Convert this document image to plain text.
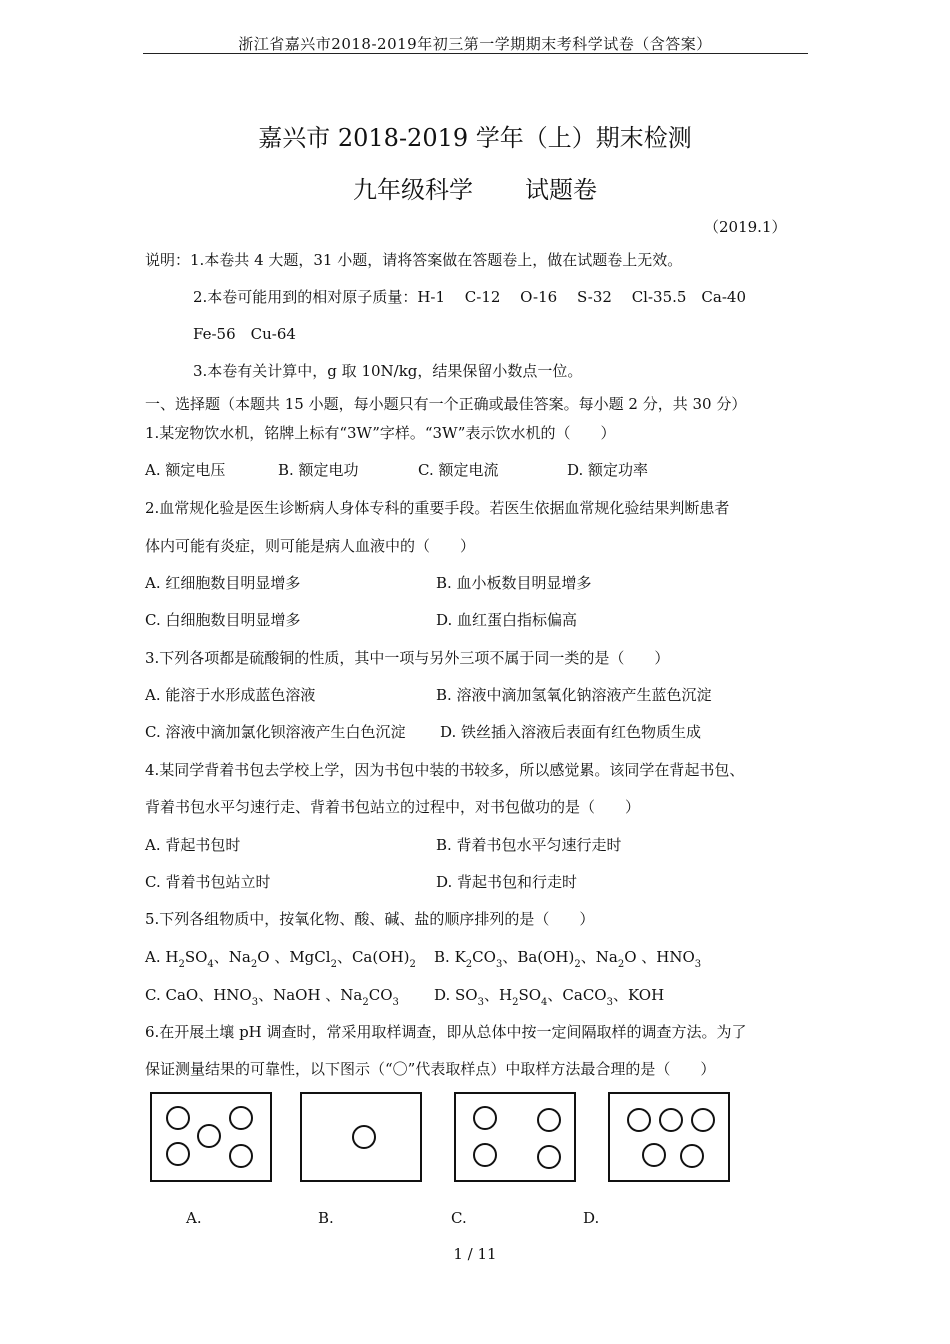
浙江省嘉兴市2018-2019年初三第一学期期末考科学试卷（含答案）
嘉兴市 2018-2019 学年（上）期末检测
九年级科学 试题卷
（2019.1）
说明：1.本卷共 4 大题，31 小题，请将答案做在答题卷上，做在试题卷上无效。
2.本卷可能用到的相对原子质量：H-1　 C-12　 O-16　 S-32　 Cl-35.5　Ca-40
Fe-56　Cu-64
3.本卷有关计算中，g 取 10N/kg，结果保留小数点一位。
一、选择题（本题共 15 小题，每小题只有一个正确或最佳答案。每小题 2 分，共 30 分）
1.某宠物饮水机，铭牌上标有“3W”字样。“3W”表示饮水机的（　　）
A. 额定电压	B. 额定电功	C. 额定电流	D. 额定功率
2.血常规化验是医生诊断病人身体专科的重要手段。若医生依据血常规化验结果判断患者
体内可能有炎症，则可能是病人血液中的（　　）
A. 红细胞数目明显增多	B. 血小板数目明显增多
C. 白细胞数目明显增多	D. 血红蛋白指标偏高
3.下列各项都是硫酸铜的性质，其中一项与另外三项不属于同一类的是（　　）
A. 能溶于水形成蓝色溶液	B. 溶液中滴加氢氧化钠溶液产生蓝色沉淀
C. 溶液中滴加氯化钡溶液产生白色沉淀 D. 铁丝插入溶液后表面有红色物质生成
4.某同学背着书包去学校上学，因为书包中装的书较多，所以感觉累。该同学在背起书包、
背着书包水平匀速行走、背着书包站立的过程中，对书包做功的是（　　）
A. 背起书包时	B. 背着书包水平匀速行走时
C. 背着书包站立时	D. 背起书包和行走时
5.下列各组物质中，按氧化物、酸、碱、盐的顺序排列的是（　　）
A. $H_2SO_4$、$Na_2O$ 、MgCl$_2$、$Ca(OH)_2$ B. $K_2CO_3$、$Ba(OH)_2$、$Na_2O$ 、$HNO_3$
C. CaO、$HNO_3$、NaOH 、$Na_2CO_3$ D. $SO_3$、$H_2SO_4$、CaCO$_3$、KOH
6.在开展土壤 pH 调查时，常采用取样调查，即从总体中按一定间隔取样的调查方法。为了
保证测量结果的可靠性，以下图示（“〇”代表取样点）中取样方法最合理的是（　　）
A.	B.	C.	D.
1 / 11
